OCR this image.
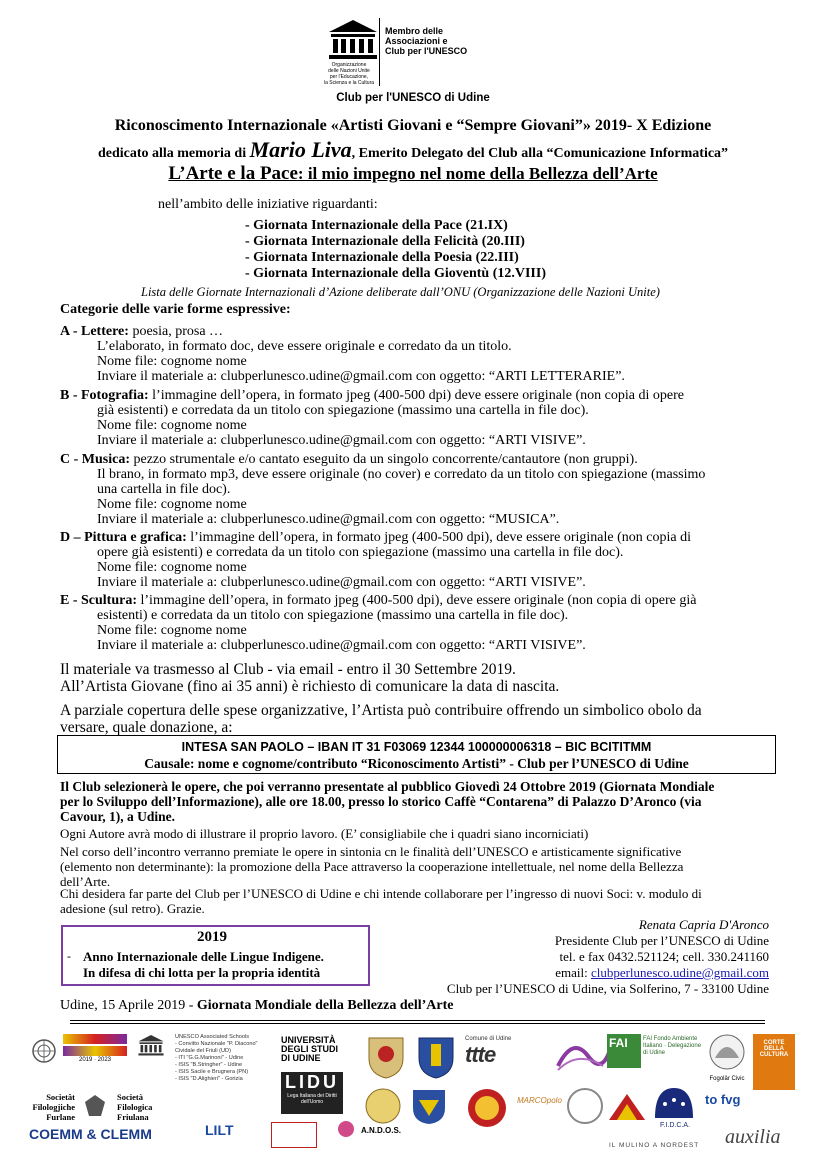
Membro delle
Associazioni e
Club per l'UNESCO
Organizzazione
delle Nazioni Unite
per l'Educazione,
la Scienza e la Cultura
Club per l'UNESCO di Udine
Riconoscimento Internazionale «Artisti Giovani e “Sempre Giovani”» 2019- X Edizione
dedicato alla memoria di Mario Liva, Emerito Delegato del Club alla “Comunicazione Informatica”
L’Arte e la Pace: il mio impegno nel nome della Bellezza dell’Arte
nell’ambito delle iniziative riguardanti:
- Giornata Internazionale della Pace (21.IX)
- Giornata Internazionale della Felicità (20.III)
- Giornata Internazionale della Poesia (22.III)
- Giornata Internazionale della Gioventù (12.VIII)
Lista delle Giornate Internazionali d’Azione deliberate dall’ONU (Organizzazione delle Nazioni Unite)
Categorie delle varie forme espressive:

A - Lettere: poesia, prosa …

L’elaborato, in formato doc, deve essere originale e corredato da un titolo.

Nome file: cognome nome

Inviare il materiale a: clubperlunesco.udine@gmail.com con oggetto: “ARTI LETTERARIE”.

B - Fotografia: l’immagine dell’opera, in formato jpeg (400-500 dpi) deve essere originale (non copia di opere

già esistenti) e corredata da un titolo con spiegazione (massimo una cartella in file doc).

Nome file: cognome nome

Inviare il materiale a: clubperlunesco.udine@gmail.com con oggetto: “ARTI VISIVE”.

C - Musica: pezzo strumentale e/o cantato eseguito da un singolo concorrente/cantautore (non gruppi).

Il brano, in formato mp3, deve essere originale (no cover) e corredato da un titolo con spiegazione (massimo

una cartella in file doc).

Nome file: cognome nome

Inviare il materiale a: clubperlunesco.udine@gmail.com con oggetto: “MUSICA”.

D – Pittura e grafica: l’immagine dell’opera, in formato jpeg (400-500 dpi), deve essere originale (non copia di

opere già esistenti) e corredata da un titolo con spiegazione (massimo una cartella in file doc).

Nome file: cognome nome

Inviare il materiale a: clubperlunesco.udine@gmail.com con oggetto: “ARTI VISIVE”.

E - Scultura: l’immagine dell’opera, in formato jpeg (400-500 dpi), deve essere originale (non copia di opere già

esistenti) e corredata da un titolo con spiegazione (massimo una cartella in file doc).

Nome file: cognome nome

Inviare il materiale a: clubperlunesco.udine@gmail.com con oggetto: “ARTI VISIVE”.

Il materiale va trasmesso al Club - via email - entro il 30 Settembre 2019.
All’Artista Giovane (fino ai 35 anni) è richiesto di comunicare la data di nascita.
A parziale copertura delle spese organizzative, l’Artista può contribuire offrendo un simbolico obolo da
versare, quale donazione, a:
INTESA SAN PAOLO – IBAN IT 31 F03069 12344 100000006318 – BIC BCITITMM
Causale: nome e cognome/contributo “Riconoscimento Artisti” - Club per l’UNESCO di Udine
Il Club selezionerà le opere, che poi verranno presentate al pubblico Giovedì 24 Ottobre 2019 (Giornata Mondiale
per lo Sviluppo dell’Informazione), alle ore 18.00, presso lo storico Caffè “Contarena” di Palazzo D’Aronco (via
Cavour, 1), a Udine.
Ogni Autore avrà modo di illustrare il proprio lavoro. (E’ consigliabile che i quadri siano incorniciati)
Nel corso dell’incontro verranno premiate le opere in sintonia cn le finalità dell’UNESCO e artisticamente significative
(elemento non determinante): la promozione della Pace attraverso la cooperazione intellettuale, nel nome della Bellezza
dell’Arte.
Chi desidera far parte del Club per l’UNESCO di Udine e chi intende collaborare per l’ingresso di nuovi Soci: v. modulo di
adesione (sul retro). Grazie.
2019
- Anno Internazionale delle Lingue Indigene.
In difesa di chi lotta per la propria identità
Renata Capria D'Aronco
Presidente Club per l’UNESCO di Udine
tel. e fax 0432.521124; cell. 330.241160
email: clubperlunesco.udine@gmail.com
Club per l’UNESCO di Udine, via Solferino, 7 - 33100 Udine
Udine, 15 Aprile 2019 - Giornata Mondiale della Bellezza dell’Arte
2019 · 2023
UNESCO Associated Schools
- Convitto Nazionale "P. Diacono"
Cividale del Friuli (UD)
- ITI "G.G.Marinoni" - Udine
- ISIS "B.Stringher" - Udine
- ISIS Sacile e Brugnera (PN)
- ISIS "D.Alighieri" - Gorizia
UNIVERSITÀ
DEGLI STUDI
DI UDINE
LIDU
Lega Italiana dei Diritti dell'Uomo
Comune di Udine
ttte	FAI	FAI Fondo Ambiente Italiano · Delegazione di Udine
Fogolâr Civic
CORTE DELLA CULTURA
Societât
Filologjiche
Furlane
Società
Filologica
Friulana
MARCOpolo
F.I.D.C.A.
to fvg
COEMM & CLEMM	LILT	A.N.D.O.S.	auxilia
IL MULINO A NORDEST
